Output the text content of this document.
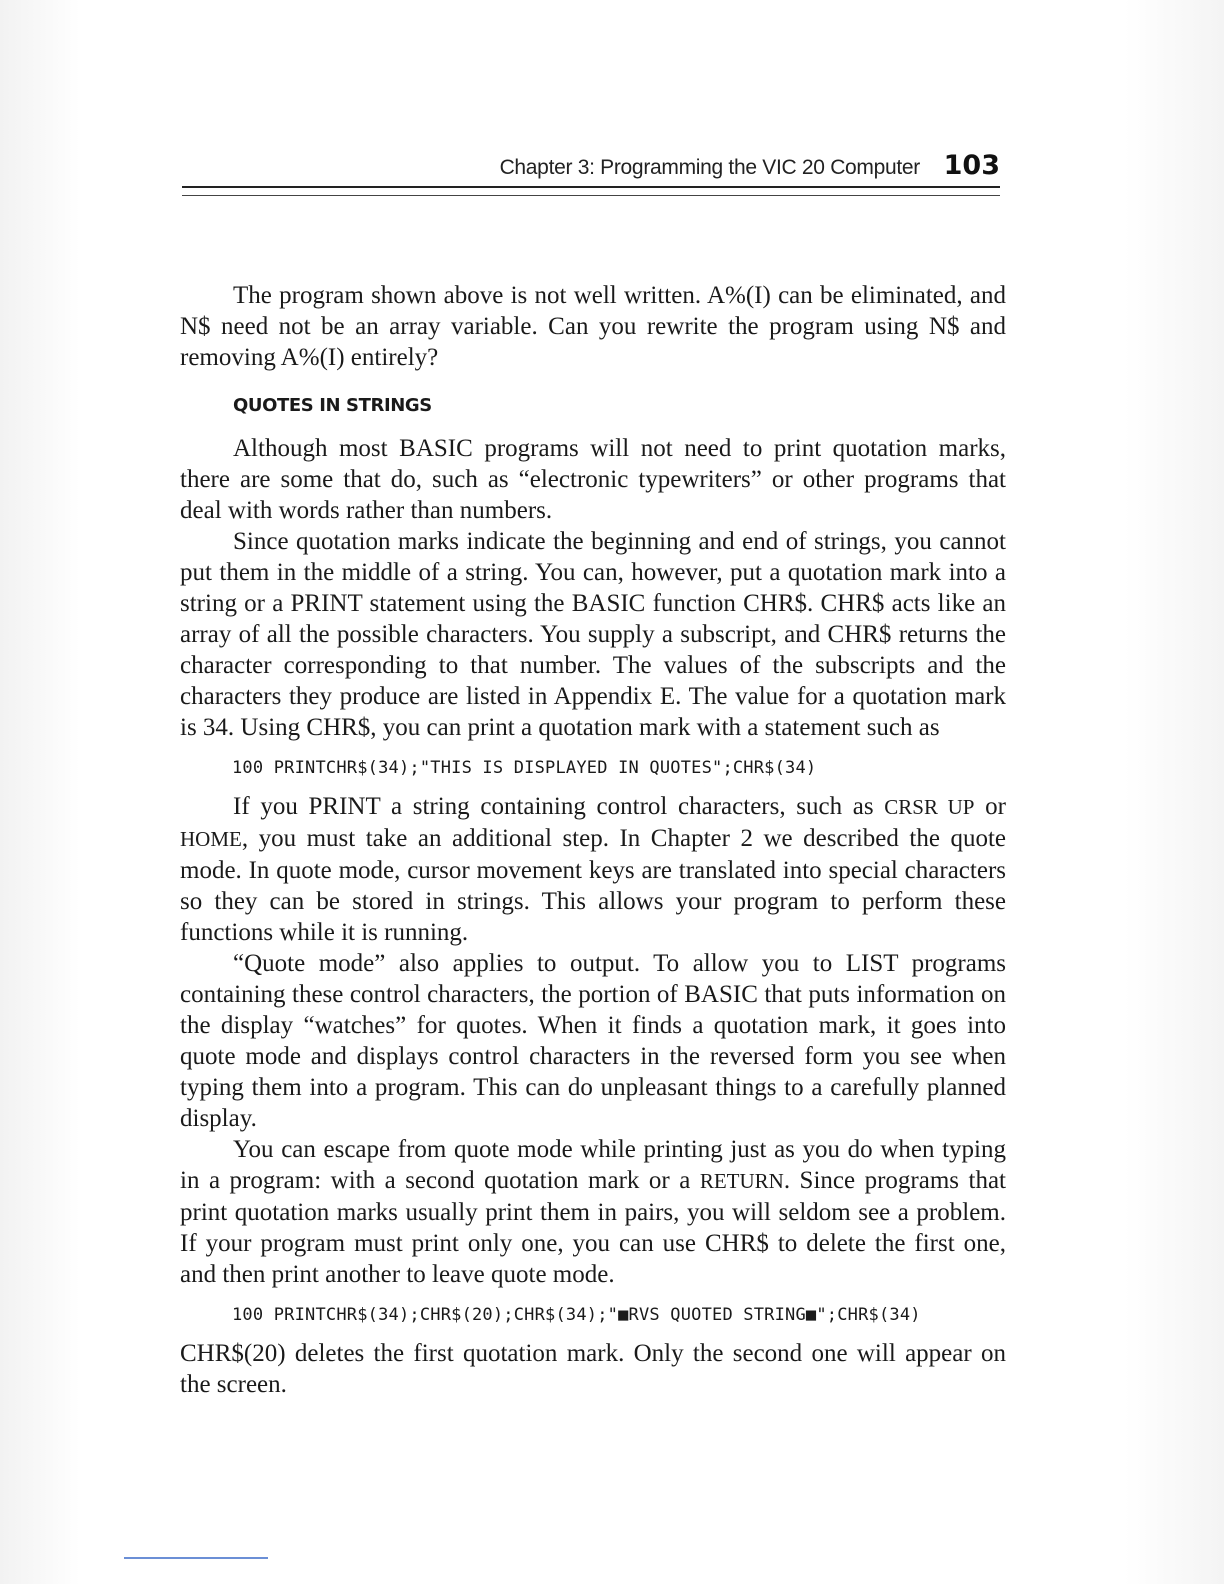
Chapter 3: Programming the VIC 20 Computer 103

The program shown above is not well written. A%(I) can be eliminated, and N$ need not be an array variable. Can you rewrite the program using N$ and removing A%(I) entirely?

QUOTES IN STRINGS

Although most BASIC programs will not need to print quotation marks, there are some that do, such as “electronic typewriters” or other programs that deal with words rather than numbers.

Since quotation marks indicate the beginning and end of strings, you cannot put them in the middle of a string. You can, however, put a quotation mark into a string or a PRINT statement using the BASIC function CHR$. CHR$ acts like an array of all the possible characters. You supply a subscript, and CHR$ returns the character corresponding to that number. The values of the subscripts and the characters they produce are listed in Appendix E. The value for a quotation mark is 34. Using CHR$, you can print a quotation mark with a statement such as

100 PRINTCHR$(34);"THIS IS DISPLAYED IN QUOTES";CHR$(34)

If you PRINT a string containing control characters, such as CRSR UP or HOME, you must take an additional step. In Chapter 2 we described the quote mode. In quote mode, cursor movement keys are translated into special characters so they can be stored in strings. This allows your program to perform these functions while it is running.

“Quote mode” also applies to output. To allow you to LIST programs containing these control characters, the portion of BASIC that puts information on the display “watches” for quotes. When it finds a quotation mark, it goes into quote mode and displays control characters in the reversed form you see when typing them into a program. This can do unpleasant things to a carefully planned display.

You can escape from quote mode while printing just as you do when typing in a program: with a second quotation mark or a RETURN. Since programs that print quotation marks usually print them in pairs, you will seldom see a problem. If your program must print only one, you can use CHR$ to delete the first one, and then print another to leave quote mode.

100 PRINTCHR$(34);CHR$(20);CHR$(34);"■RVS QUOTED STRING■";CHR$(34)

CHR$(20) deletes the first quotation mark. Only the second one will appear on the screen.
